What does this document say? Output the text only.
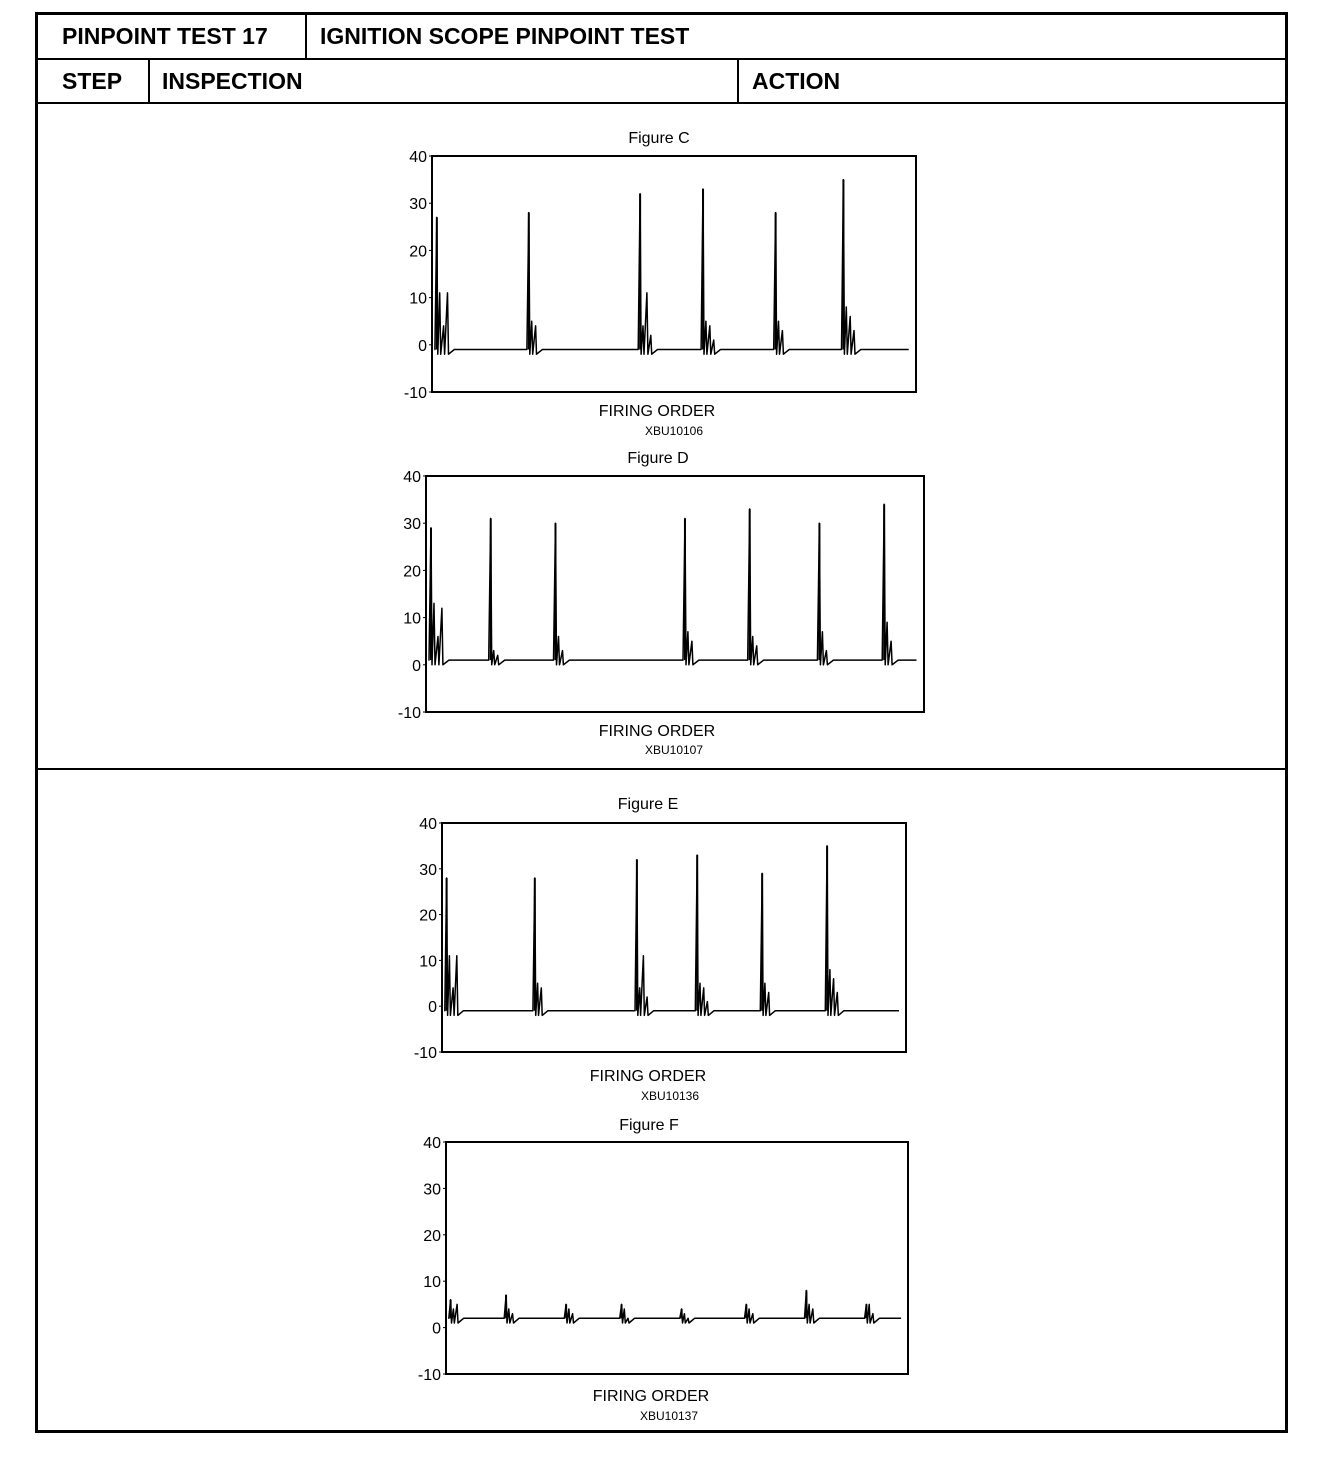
PINPOINT TEST 17 IGNITION SCOPE PINPOINT TEST
STEP INSPECTION	ACTION
Figure C
-10
0
10
20
30
40
FIRING ORDER
XBU10106
Figure D
-10
0
10
20
30
40
FIRING ORDER
XBU10107
Figure E
-10
0
10
20
30
40
FIRING ORDER
XBU10136
Figure F
-10
0
10
20
30
40
FIRING ORDER
XBU10137
